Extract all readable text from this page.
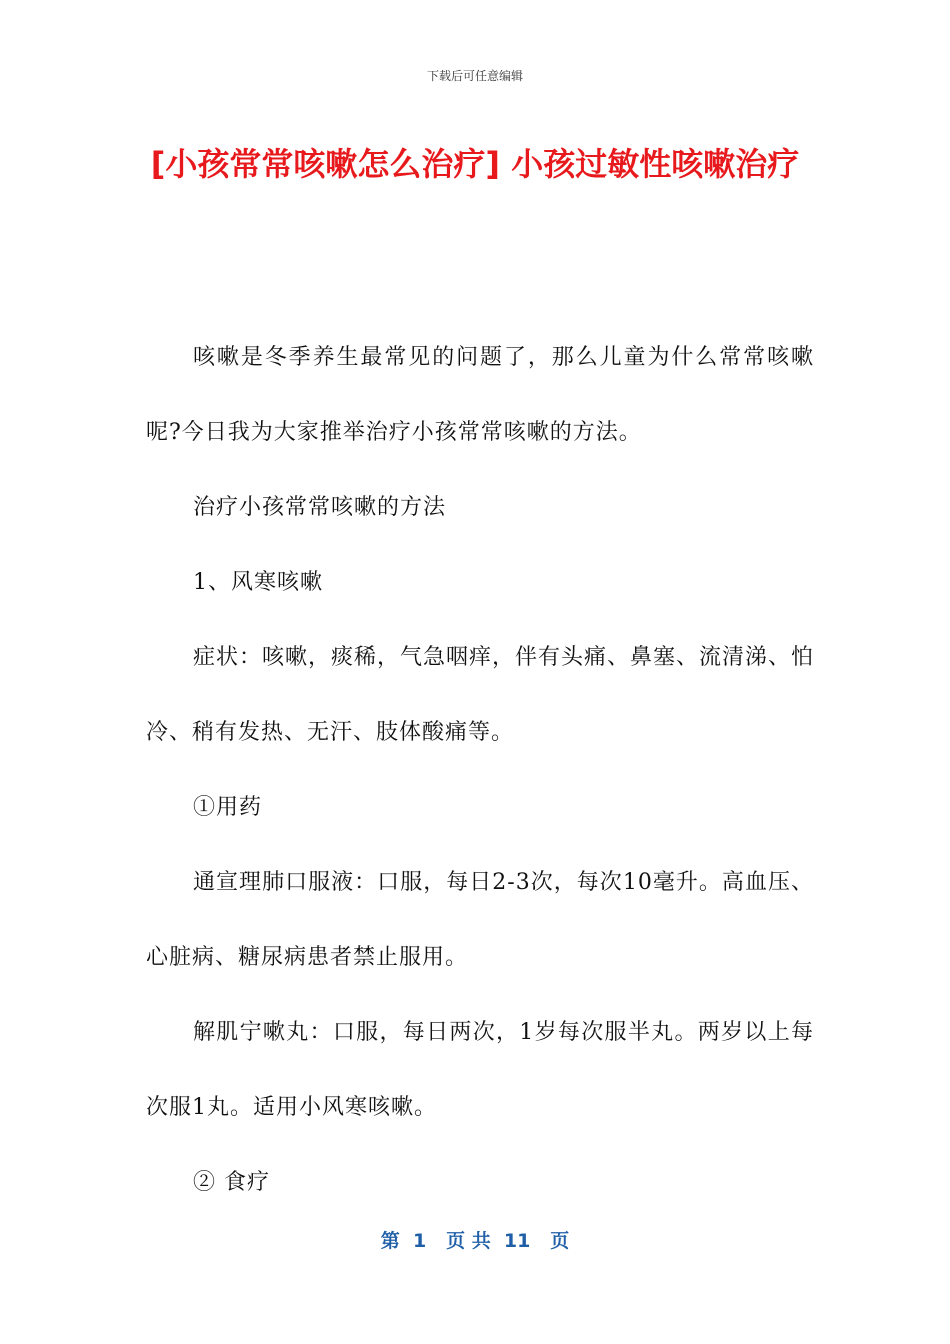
下载后可任意编辑
[小孩常常咳嗽怎么治疗] 小孩过敏性咳嗽治疗

咳嗽是冬季养生最常见的问题了，那么儿童为什么常常咳嗽呢?今日我为大家推举治疗小孩常常咳嗽的方法。

治疗小孩常常咳嗽的方法

1、风寒咳嗽

症状：咳嗽，痰稀，气急咽痒，伴有头痛、鼻塞、流清涕、怕冷、稍有发热、无汗、肢体酸痛等。

①用药

通宣理肺口服液：口服，每日2-3次，每次10毫升。高血压、心脏病、糖尿病患者禁止服用。

解肌宁嗽丸：口服，每日两次，1岁每次服半丸。两岁以上每次服1丸。适用小风寒咳嗽。

② 食疗

第  1   页 共  11   页
